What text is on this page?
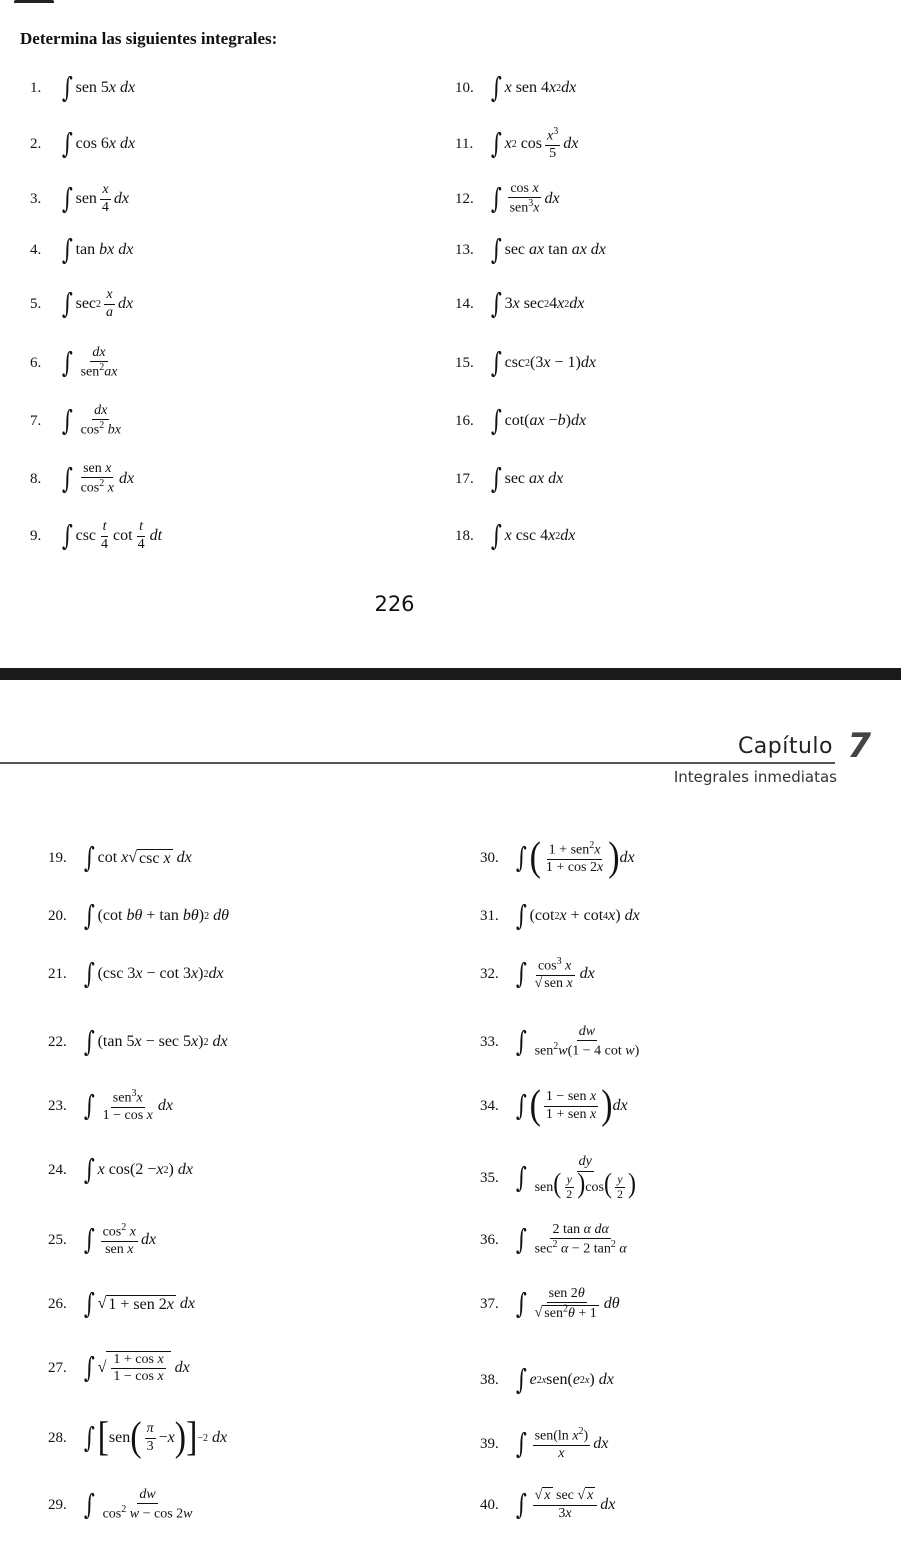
Determina las siguientes integrales:
1. ∫ sen 5 x dx
2. ∫ cos 6 x dx
3. ∫ sen $\frac{x}{4}$ dx
4. ∫ tan bx dx
5. ∫ $\sec 2 \frac{x}{a}$ dx
6. ∫ $\frac{dx}{sen^2ax}$
7. ∫ $\frac{dx}{\cos^2 bx}$
8. ∫ $\frac{\text{sen x}}{\cos^2 x}$ dx
9. ∫ $\csc \frac{t}{4}$ $\cot \frac{t}{4}$ dt
10. ∫ x sen 4 x 2 dx
11. ∫ x 2 $\cos \frac{x^3}{5}$ dx
12. ∫ $\frac{\text{cos x}}{sen^3x}$ dx
13. ∫ sec ax tan ax dx
14. ∫ 3 x sec 2 4 x 2 dx
15. ∫ csc 2 (3 x − 1) dx
16. ∫ cot( ax − b ) dx
17. ∫ sec ax dx
18. ∫ x csc 4 x 2 dx
226
Capítulo 7
Integrales inmediatas
19. ∫ cot x √ csc x
dx
20. ∫ (cot bθ + tan bθ ) 2
dθ
21. ∫ (csc 3 x − cot 3 x ) 2 dx
22. ∫ (tan 5 x − sec 5 x ) 2
dx
23. ∫ $\frac{sen^3x}{\text{1 − cos x}}$ dx
24. ∫ x cos(2 − x 2 ) dx
25. ∫ $\frac{\cos^2 x}{\text{sen x}}$ dx
26. ∫ √ 1 + sen 2x
dx
27. ∫ √ $\frac{\text{1 + cos x}}{\text{1 − cos x}}$
dx
28. ∫ [ sen ( $\frac{\pi}{3} - x$ ) ] −2
dx
29. ∫ $\frac{dw}{\cos^2 w - \cos 2w}$
30. ∫ ( $\frac{1 + sen^2x}{1 + \cos 2x}$ ) dx
31. ∫ (cot 2 x + cot 4 x ) dx
32. ∫ $\frac{\cos^3 x}{\text{√ sen x}}$ dx
33. ∫ $\frac{dw}{sen^2w(1 - 4 \cot w)}$
34. ∫ ( $\frac{\text{1 − sen x}}{\text{1 + sen x}}$ ) dx
35. ∫ $\frac{dy}{sen( \frac{y}{2} )\cos( \frac{y}{2} )}$
36. ∫ $\frac{\text{2 tan α dα}}{\sec^2 \alpha - 2 \tan^2 \alpha}$
37. ∫ $\frac{\text{sen 2θ}}{√ sen^2\theta + 1}$ dθ
38. ∫ e 2x sen( e 2x ) dx
39. ∫ $\frac{sen(\ln x^2)}{x}$ dx
40. ∫ $\frac{\text{√ x sec √ x}}{3x}$ dx
